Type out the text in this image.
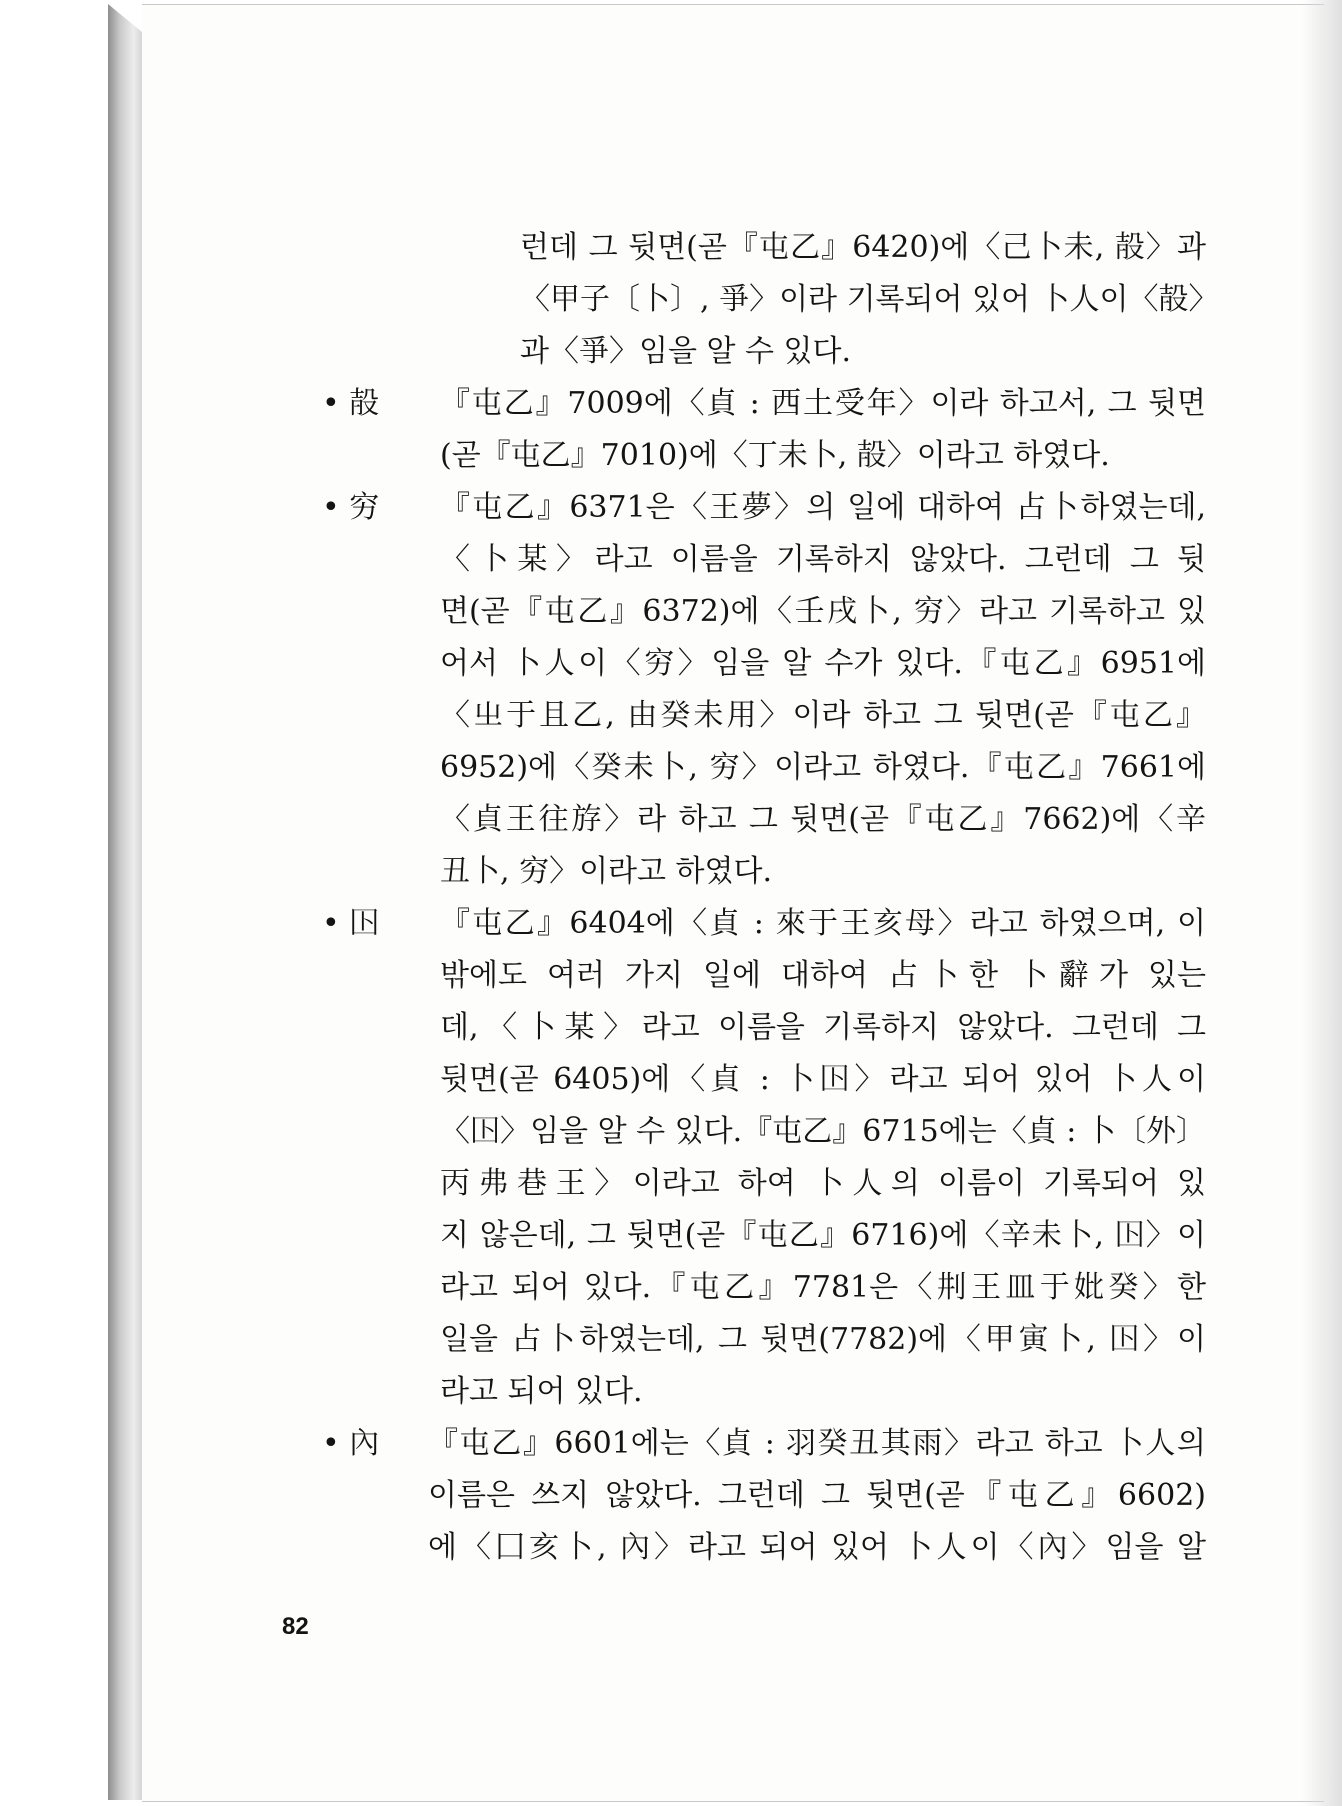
런데 그 뒷면(곧『屯乙』6420)에〈己卜未, 㱿〉과
〈甲子〔卜〕, 爭〉이라 기록되어 있어 卜人이〈㱿〉
과〈爭〉임을 알 수 있다.
• 㱿 『屯乙』7009에〈貞 : 西土受年〉이라 하고서, 그 뒷면
(곧『屯乙』7010)에〈丁未卜, 㱿〉이라고 하였다.
• 穷 『屯乙』6371은〈王夢〉의 일에 대하여 占卜하였는데,
〈卜某〉라고 이름을 기록하지 않았다. 그런데 그 뒷
면(곧『屯乙』6372)에〈壬戌卜, 穷〉라고 기록하고 있
어서 卜人이〈穷〉임을 알 수가 있다.『屯乙』6951에
〈㞢于且乙, 由癸未用〉이라 하고 그 뒷면(곧『屯乙』
6952)에〈癸未卜, 穷〉이라고 하였다.『屯乙』7661에
〈貞王往斿〉라 하고 그 뒷면(곧『屯乙』7662)에〈辛
丑卜, 穷〉이라고 하였다.
• 𡆥 『屯乙』6404에〈貞 : 來于王亥母〉라고 하였으며, 이
밖에도 여러 가지 일에 대하여 占卜한 卜辭가 있는
데,〈卜某〉라고 이름을 기록하지 않았다. 그런데 그
뒷면(곧 6405)에〈貞 : 卜𡆥〉라고 되어 있어 卜人이
〈𡆥〉임을 알 수 있다.『屯乙』6715에는〈貞 : 卜〔外〕
丙弗巷王〉이라고 하여 卜人의 이름이 기록되어 있
지 않은데, 그 뒷면(곧『屯乙』6716)에〈辛未卜, 𡆥〉이
라고 되어 있다.『屯乙』7781은〈㓝王皿于妣癸〉한
일을 占卜하였는데, 그 뒷면(7782)에〈甲寅卜, 𡆥〉이
라고 되어 있다.
• 內 『屯乙』6601에는〈貞 : 羽癸丑其雨〉라고 하고 卜人의
이름은 쓰지 않았다. 그런데 그 뒷면(곧『屯乙』6602)
에〈囗亥卜, 內〉라고 되어 있어 卜人이〈內〉임을 알
82
